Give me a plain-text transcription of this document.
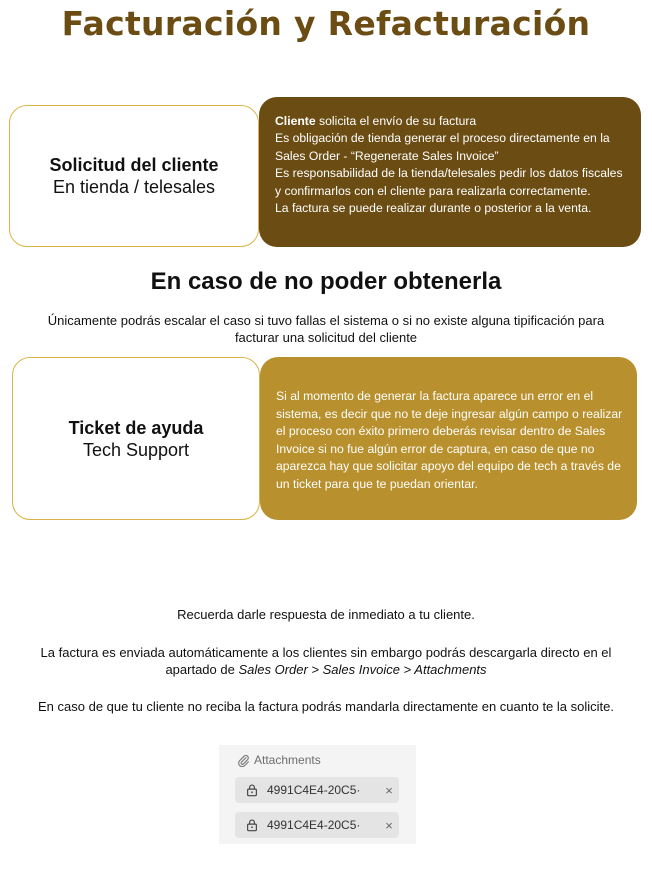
Facturación y Refacturación
Solicitud del cliente
En tienda / telesales
Cliente solicita el envío de su factura
Es obligación de tienda generar el proceso directamente en la Sales Order - “Regenerate Sales Invoice”
Es responsabilidad de la tienda/telesales pedir los datos fiscales y confirmarlos con el cliente para realizarla correctamente.
La factura se puede realizar durante o posterior a la venta.
En caso de no poder obtenerla
Únicamente podrás escalar el caso si tuvo fallas el sistema o si no existe alguna tipificación para facturar una solicitud del cliente
Ticket de ayuda
Tech Support
Si al momento de generar la factura aparece un error en el sistema, es decir que no te deje ingresar algún campo o realizar el proceso con éxito primero deberás revisar dentro de Sales Invoice si no fue algún error de captura, en caso de que no aparezca hay que solicitar apoyo del equipo de tech a través de un ticket para que te puedan orientar.
Recuerda darle respuesta de inmediato a tu cliente.
La factura es enviada automáticamente a los clientes sin embargo podrás descargarla directo en el apartado de Sales Order > Sales Invoice > Attachments
En caso de que tu cliente no reciba la factura podrás mandarla directamente en cuanto te la solicite.
Attachments
4991C4E4-20C5·	×
4991C4E4-20C5·	×
